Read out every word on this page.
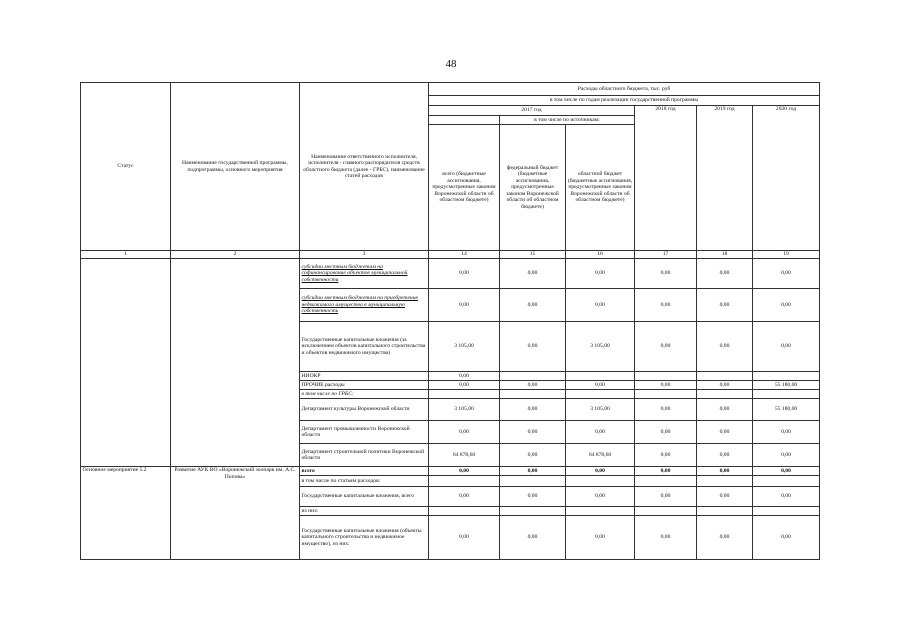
48
Статус	Наименование государственной программы, подпрограммы, основного мероприятия	Наименование ответственного исполнителя, исполнителя - главного распорядителя средств областного бюджета (далее - ГРБС), наименование статей расходов	Расходы областного бюджета, тыс. руб					
			в том числе по годам реализации государственной программы					
			2017 год			2018 год	2019 год	2020 год
				в том числе по источникам:				
			всего (бюджетные ассигнования, предусмотренные законом Воронежской области об областном бюджете)	федеральный бюджет (бюджетные ассигнования, предусмотренные законом Воронежской области об областном бюджете)	областной бюджет (бюджетные ассигнования, предусмотренные законом Воронежской области об областном бюджете)			
1	2	3	14	15	16	17	18	19
		субсидии местным бюджетам на софинансирование объектов муниципальной собственности	0,00	0,00	0,00	0,00	0,00	0,00
		субсидии местным бюджетам на приобретение недвижимого имущества в муниципальную собственность	0,00	0,00	0,00	0,00	0,00	0,00
		Государственные капитальные вложения (за исключением объектов капитального строительства и объектов недвижимого имущества)	3 105,00	0,00	3 105,00	0,00	0,00	0,00
		НИОКР	0,00					
		ПРОЧИЕ расходы	0,00	0,00	0,00	0,00	0,00	55 180,00
		в том числе по ГРБС:						
		Департамент культуры Воронежской области	3 105,00	0,00	3 105,00	0,00	0,00	55 180,00
		Департамент промышленности Воронежской области	0,00	0,00	0,00	0,00	0,00	0,00
		Департамент строительной политики Воронежской области	64 878,60	0,00	64 878,60	0,00	0,00	0,00
Основное мероприятие 5.2	Развитие АУК ВО «Воронежский зоопарк им. А.С. Попова»	всего	0,00	0,00	0,00	0,00	0,00	0,00
		в том числе по статьям расходов:						
		Государственные капитальные вложения, всего	0,00	0,00	0,00	0,00	0,00	0,00
		из них:						
		Государственные капитальные вложения (объекты капитального строительства и недвижимое имущество), из них:	0,00	0,00	0,00	0,00	0,00	0,00
